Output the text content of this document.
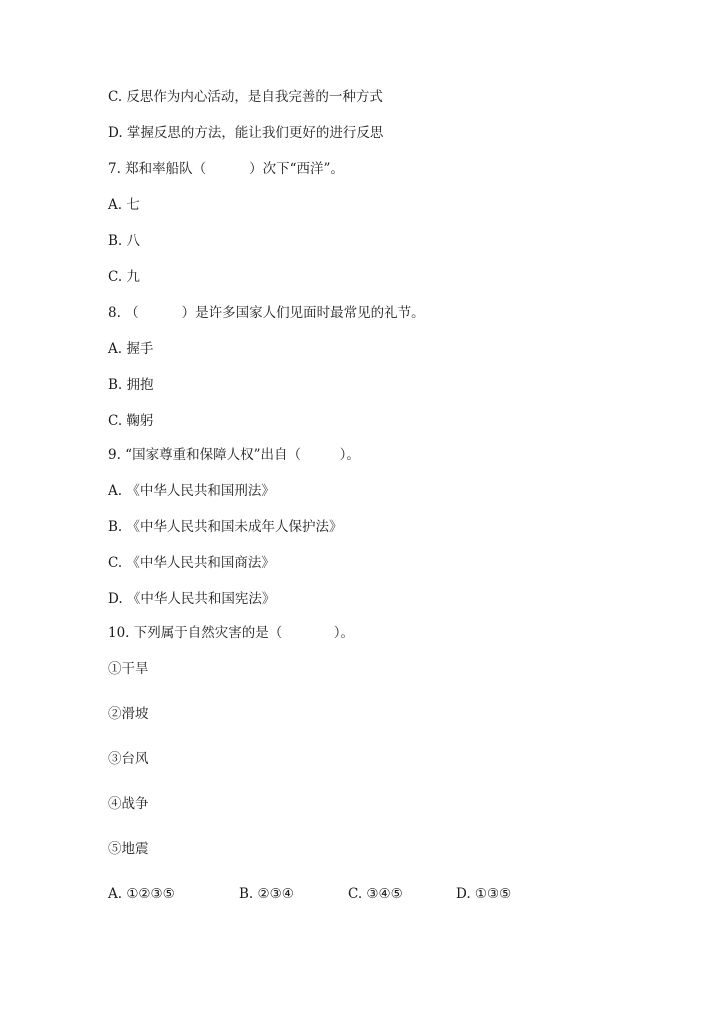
C. 反思作为内心活动，是自我完善的一种方式
D. 掌握反思的方法，能让我们更好的进行反思
7. 郑和率船队（          ）次下“西洋”。
A. 七
B. 八
C. 九
8. （          ）是许多国家人们见面时最常见的礼节。
A. 握手
B. 拥抱
C. 鞠躬
9. “国家尊重和保障人权”出自（         ）。
A. 《中华人民共和国刑法》
B. 《中华人民共和国未成年人保护法》
C. 《中华人民共和国商法》
D. 《中华人民共和国宪法》
10. 下列属于自然灾害的是（            ）。
①干旱
②滑坡
③台风
④战争
⑤地震
A. ①②③⑤	B. ②③④	C. ③④⑤	D. ①③⑤
